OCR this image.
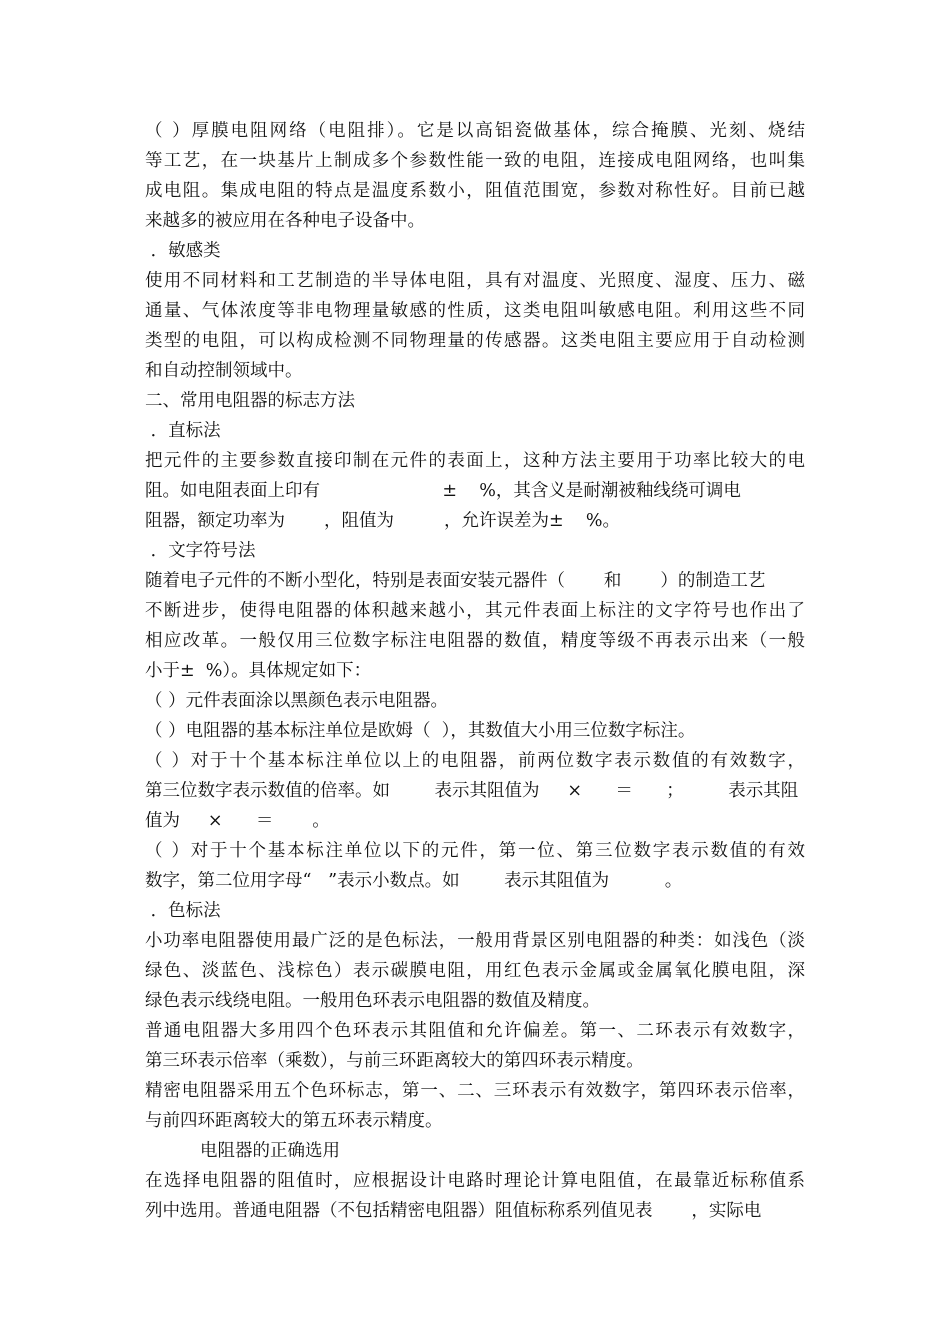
（ ）厚膜电阻网络（电阻排）。它是以高铝瓷做基体，综合掩膜、光刻、烧结
等工艺，在一块基片上制成多个参数性能一致的电阻，连接成电阻网络，也叫集
成电阻。集成电阻的特点是温度系数小，阻值范围宽，参数对称性好。目前已越
来越多的被应用在各种电子设备中。
．敏感类
使用不同材料和工艺制造的半导体电阻，具有对温度、光照度、湿度、压力、磁
通量、气体浓度等非电物理量敏感的性质，这类电阻叫敏感电阻。利用这些不同
类型的电阻，可以构成检测不同物理量的传感器。这类电阻主要应用于自动检测
和自动控制领域中。
二、常用电阻器的标志方法
．直标法
把元件的主要参数直接印制在元件的表面上，这种方法主要用于功率比较大的电
阻。如电阻表面上印有                      ±    %，其含义是耐潮被釉线绕可调电
阻器，额定功率为       ，阻值为         ，允许误差为±    %。
．文字符号法
随着电子元件的不断小型化，特别是表面安装元器件（       和       ）的制造工艺
不断进步，使得电阻器的体积越来越小，其元件表面上标注的文字符号也作出了
相应改革。一般仅用三位数字标注电阻器的数值，精度等级不再表示出来（一般
小于±  %）。具体规定如下：
（ ）元件表面涂以黑颜色表示电阻器。
（ ）电阻器的基本标注单位是欧姆（  ），其数值大小用三位数字标注。
（ ）对于十个基本标注单位以上的电阻器，前两位数字表示数值的有效数字，
第三位数字表示数值的倍率。如        表示其阻值为     ×      ＝      ；        表示其阻
值为     ×      ＝       。
（ ）对于十个基本标注单位以下的元件，第一位、第三位数字表示数值的有效
数字，第二位用字母“   ”表示小数点。如        表示其阻值为          。
．色标法
小功率电阻器使用最广泛的是色标法，一般用背景区别电阻器的种类：如浅色（淡
绿色、淡蓝色、浅棕色）表示碳膜电阻，用红色表示金属或金属氧化膜电阻，深
绿色表示线绕电阻。一般用色环表示电阻器的数值及精度。
普通电阻器大多用四个色环表示其阻值和允许偏差。第一、二环表示有效数字，
第三环表示倍率（乘数），与前三环距离较大的第四环表示精度。
精密电阻器采用五个色环标志，第一、二、三环表示有效数字，第四环表示倍率，
与前四环距离较大的第五环表示精度。
电阻器的正确选用
在选择电阻器的阻值时，应根据设计电路时理论计算电阻值，在最靠近标称值系
列中选用。普通电阻器（不包括精密电阻器）阻值标称系列值见表       ，实际电
